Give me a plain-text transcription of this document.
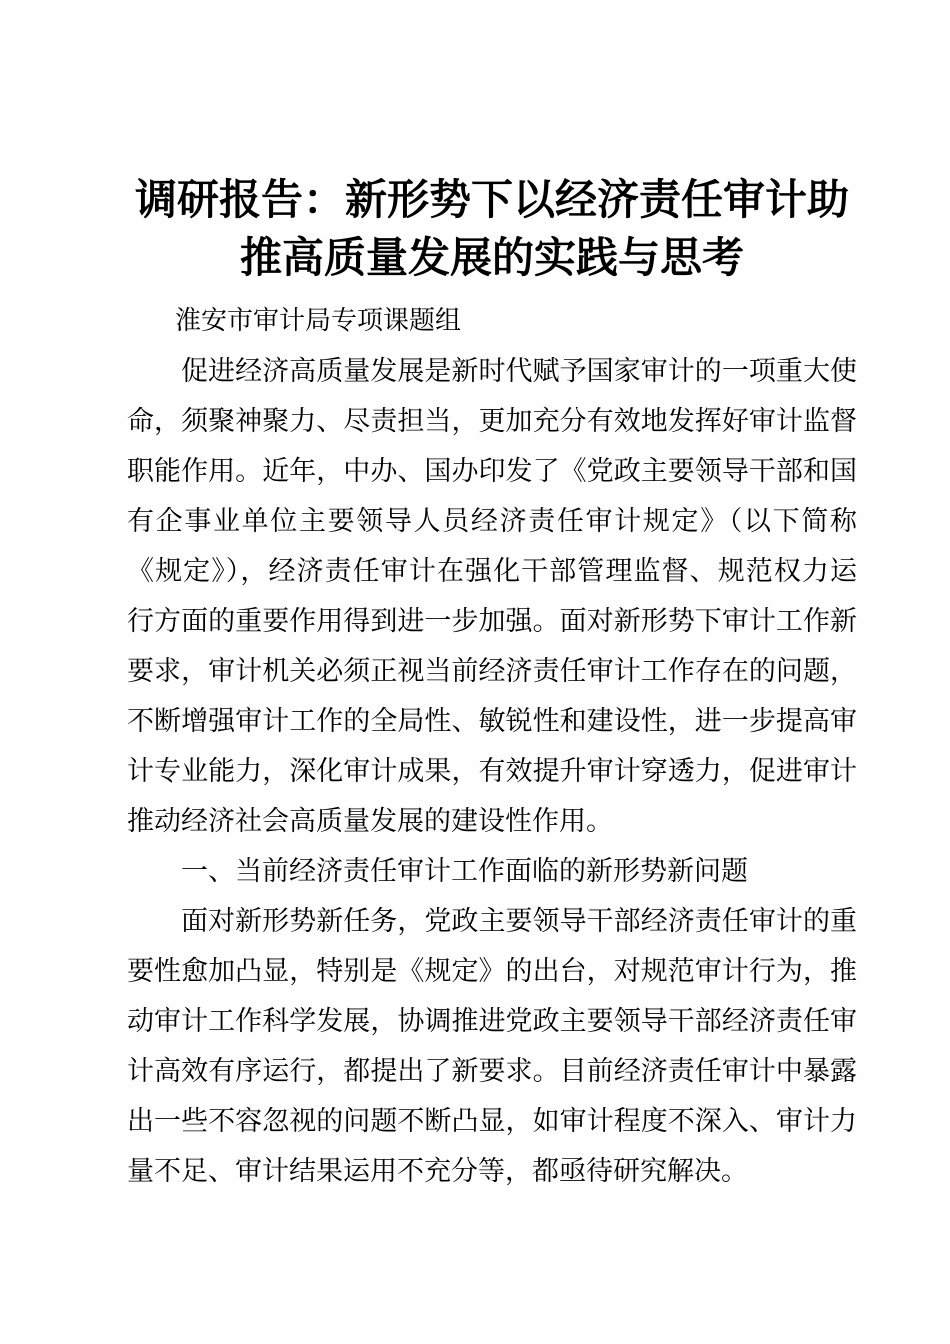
调研报告：新形势下以经济责任审计助
推高质量发展的实践与思考

淮安市审计局专项课题组

促进经济高质量发展是新时代赋予国家审计的一项重大使
命，须聚神聚力、尽责担当，更加充分有效地发挥好审计监督
职能作用。近年，中办、国办印发了《党政主要领导干部和国
有企事业单位主要领导人员经济责任审计规定》（以下简称
《规定》），经济责任审计在强化干部管理监督、规范权力运
行方面的重要作用得到进一步加强。面对新形势下审计工作新
要求，审计机关必须正视当前经济责任审计工作存在的问题，
不断增强审计工作的全局性、敏锐性和建设性，进一步提高审
计专业能力，深化审计成果，有效提升审计穿透力，促进审计
推动经济社会高质量发展的建设性作用。
一、当前经济责任审计工作面临的新形势新问题
面对新形势新任务，党政主要领导干部经济责任审计的重
要性愈加凸显，特别是《规定》的出台，对规范审计行为，推
动审计工作科学发展，协调推进党政主要领导干部经济责任审
计高效有序运行，都提出了新要求。目前经济责任审计中暴露
出一些不容忽视的问题不断凸显，如审计程度不深入、审计力
量不足、审计结果运用不充分等，都亟待研究解决。
